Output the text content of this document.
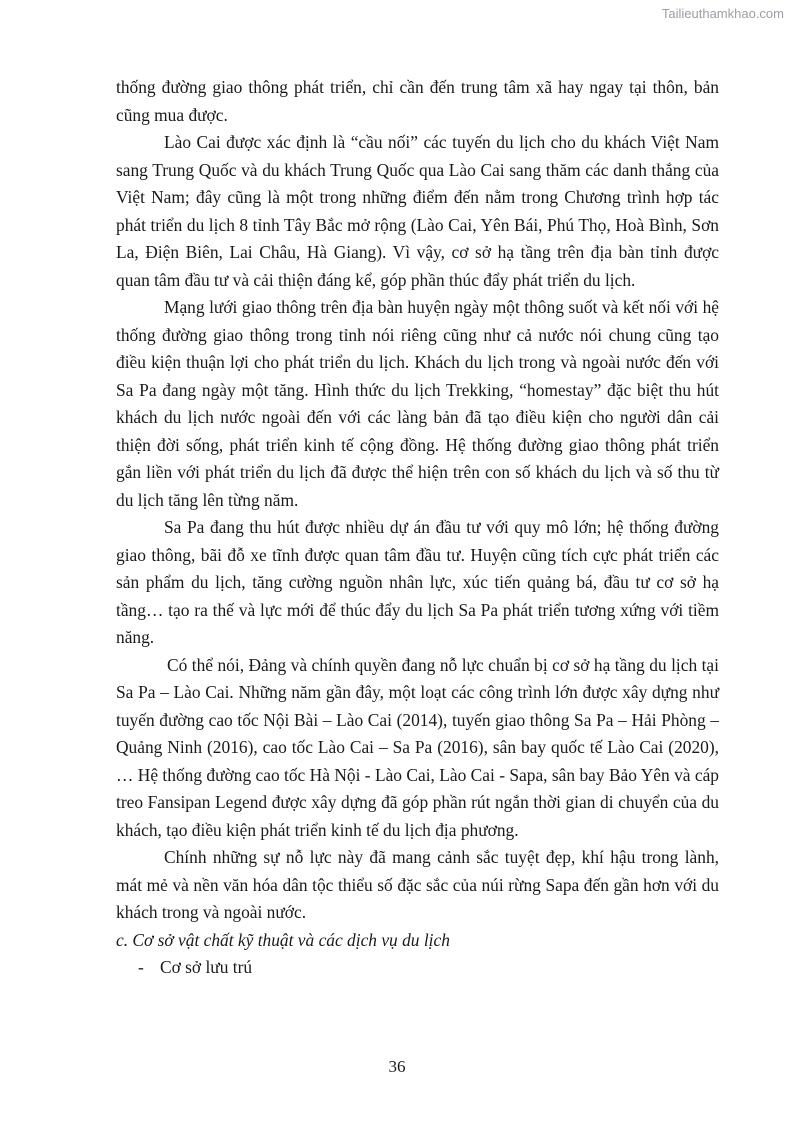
Tailieuthamkhao.com

thống đường giao thông phát triển, chỉ cần đến trung tâm xã hay ngay tại thôn, bản cũng mua được.

Lào Cai được xác định là “cầu nối” các tuyến du lịch cho du khách Việt Nam sang Trung Quốc và du khách Trung Quốc qua Lào Cai sang thăm các danh thắng của Việt Nam; đây cũng là một trong những điểm đến nằm trong Chương trình hợp tác phát triển du lịch 8 tỉnh Tây Bắc mở rộng (Lào Cai, Yên Bái, Phú Thọ, Hoà Bình, Sơn La, Điện Biên, Lai Châu, Hà Giang). Vì vậy, cơ sở hạ tầng trên địa bàn tỉnh được quan tâm đầu tư và cải thiện đáng kể, góp phần thúc đẩy phát triển du lịch.

Mạng lưới giao thông trên địa bàn huyện ngày một thông suốt và kết nối với hệ thống đường giao thông trong tỉnh nói riêng cũng như cả nước nói chung cũng tạo điều kiện thuận lợi cho phát triển du lịch. Khách du lịch trong và ngoài nước đến với Sa Pa đang ngày một tăng. Hình thức du lịch Trekking, “homestay” đặc biệt thu hút khách du lịch nước ngoài đến với các làng bản đã tạo điều kiện cho người dân cải thiện đời sống, phát triển kinh tế cộng đồng. Hệ thống đường giao thông phát triển gắn liền với phát triển du lịch đã được thể hiện trên con số khách du lịch và số thu từ du lịch tăng lên từng năm.

Sa Pa đang thu hút được nhiều dự án đầu tư với quy mô lớn; hệ thống đường giao thông, bãi đỗ xe tĩnh được quan tâm đầu tư. Huyện cũng tích cực phát triển các sản phẩm du lịch, tăng cường nguồn nhân lực, xúc tiến quảng bá, đầu tư cơ sở hạ tầng… tạo ra thế và lực mới để thúc đẩy du lịch Sa Pa phát triển tương xứng với tiềm năng.

Có thể nói, Đảng và chính quyền đang nỗ lực chuẩn bị cơ sở hạ tầng du lịch tại Sa Pa – Lào Cai. Những năm gần đây, một loạt các công trình lớn được xây dựng như tuyến đường cao tốc Nội Bài – Lào Cai (2014), tuyến giao thông Sa Pa – Hải Phòng – Quảng Ninh (2016), cao tốc Lào Cai – Sa Pa (2016), sân bay quốc tế Lào Cai (2020), … Hệ thống đường cao tốc Hà Nội - Lào Cai, Lào Cai - Sapa, sân bay Bảo Yên và cáp treo Fansipan Legend được xây dựng đã góp phần rút ngắn thời gian di chuyển của du khách, tạo điều kiện phát triển kinh tế du lịch địa phương.

Chính những sự nỗ lực này đã mang cảnh sắc tuyệt đẹp, khí hậu trong lành, mát mẻ và nền văn hóa dân tộc thiểu số đặc sắc của núi rừng Sapa đến gần hơn với du khách trong và ngoài nước.

c. Cơ sở vật chất kỹ thuật và các dịch vụ du lịch

- Cơ sở lưu trú

36
